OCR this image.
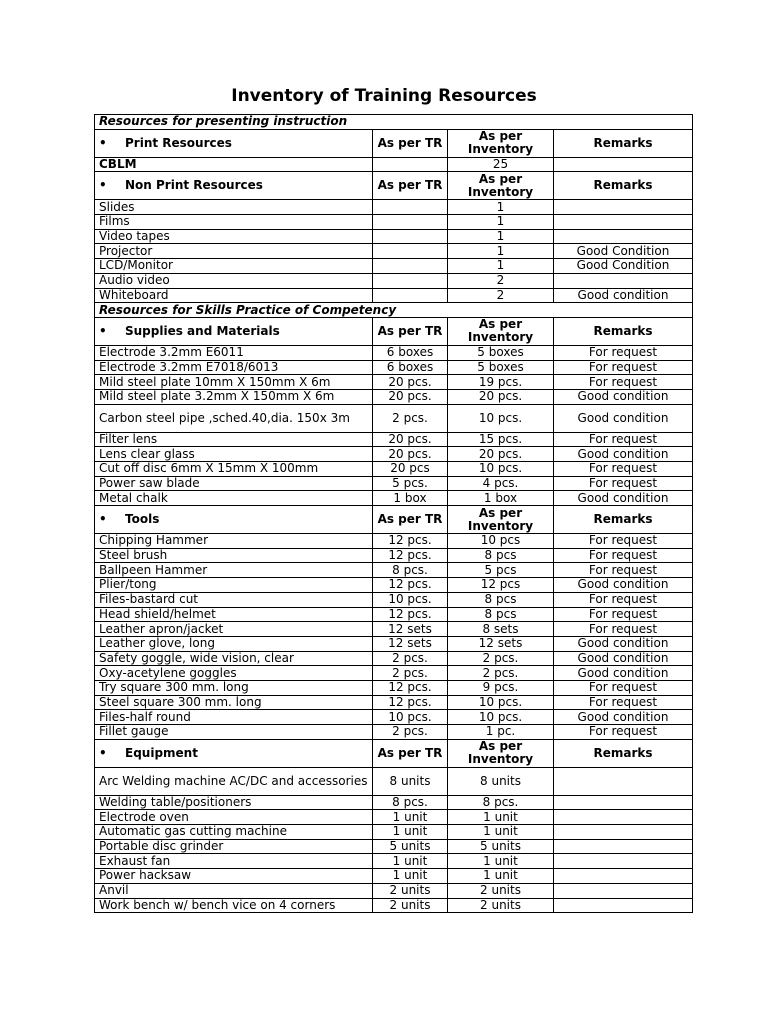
Inventory of Training Resources
Resources for presenting instruction			
• Print Resources	As per TR	As per Inventory	Remarks
CBLM		25	
• Non Print Resources	As per TR	As per Inventory	Remarks
Slides		1	
Films		1	
Video tapes		1	
Projector		1	Good Condition
LCD/Monitor		1	Good Condition
Audio video		2	
Whiteboard		2	Good condition
Resources for Skills Practice of Competency			
• Supplies and Materials	As per TR	As per Inventory	Remarks
Electrode 3.2mm E6011	6 boxes	5 boxes	For request
Electrode 3.2mm E7018/6013	6 boxes	5 boxes	For request
Mild steel plate 10mm X 150mm X 6m	20 pcs.	19 pcs.	For request
Mild steel plate 3.2mm X 150mm X 6m	20 pcs.	20 pcs.	Good condition
Carbon steel pipe ,sched.40,dia. 150x 3m	2 pcs.	10 pcs.	Good condition
Filter lens	20 pcs.	15 pcs.	For request
Lens clear glass	20 pcs.	20 pcs.	Good condition
Cut off disc 6mm X 15mm X 100mm	20 pcs	10 pcs.	For request
Power saw blade	5 pcs.	4 pcs.	For request
Metal chalk	1 box	1 box	Good condition
• Tools	As per TR	As per Inventory	Remarks
Chipping Hammer	12 pcs.	10 pcs	For request
Steel brush	12 pcs.	8 pcs	For request
Ballpeen Hammer	8 pcs.	5 pcs	For request
Plier/tong	12 pcs.	12 pcs	Good condition
Files-bastard cut	10 pcs.	8 pcs	For request
Head shield/helmet	12 pcs.	8 pcs	For request
Leather apron/jacket	12 sets	8 sets	For request
Leather glove, long	12 sets	12 sets	Good condition
Safety goggle, wide vision, clear	2 pcs.	2 pcs.	Good condition
Oxy-acetylene goggles	2 pcs.	2 pcs.	Good condition
Try square 300 mm. long	12 pcs.	9 pcs.	For request
Steel square 300 mm. long	12 pcs.	10 pcs.	For request
Files-half round	10 pcs.	10 pcs.	Good condition
Fillet gauge	2 pcs.	1 pc.	For request
• Equipment	As per TR	As per Inventory	Remarks
Arc Welding machine AC/DC and accessories	8 units	8 units	
Welding table/positioners	8 pcs.	8 pcs.	
Electrode oven	1 unit	1 unit	
Automatic gas cutting machine	1 unit	1 unit	
Portable disc grinder	5 units	5 units	
Exhaust fan	1 unit	1 unit	
Power hacksaw	1 unit	1 unit	
Anvil	2 units	2 units	
Work bench w/ bench vice on 4 corners	2 units	2 units	
